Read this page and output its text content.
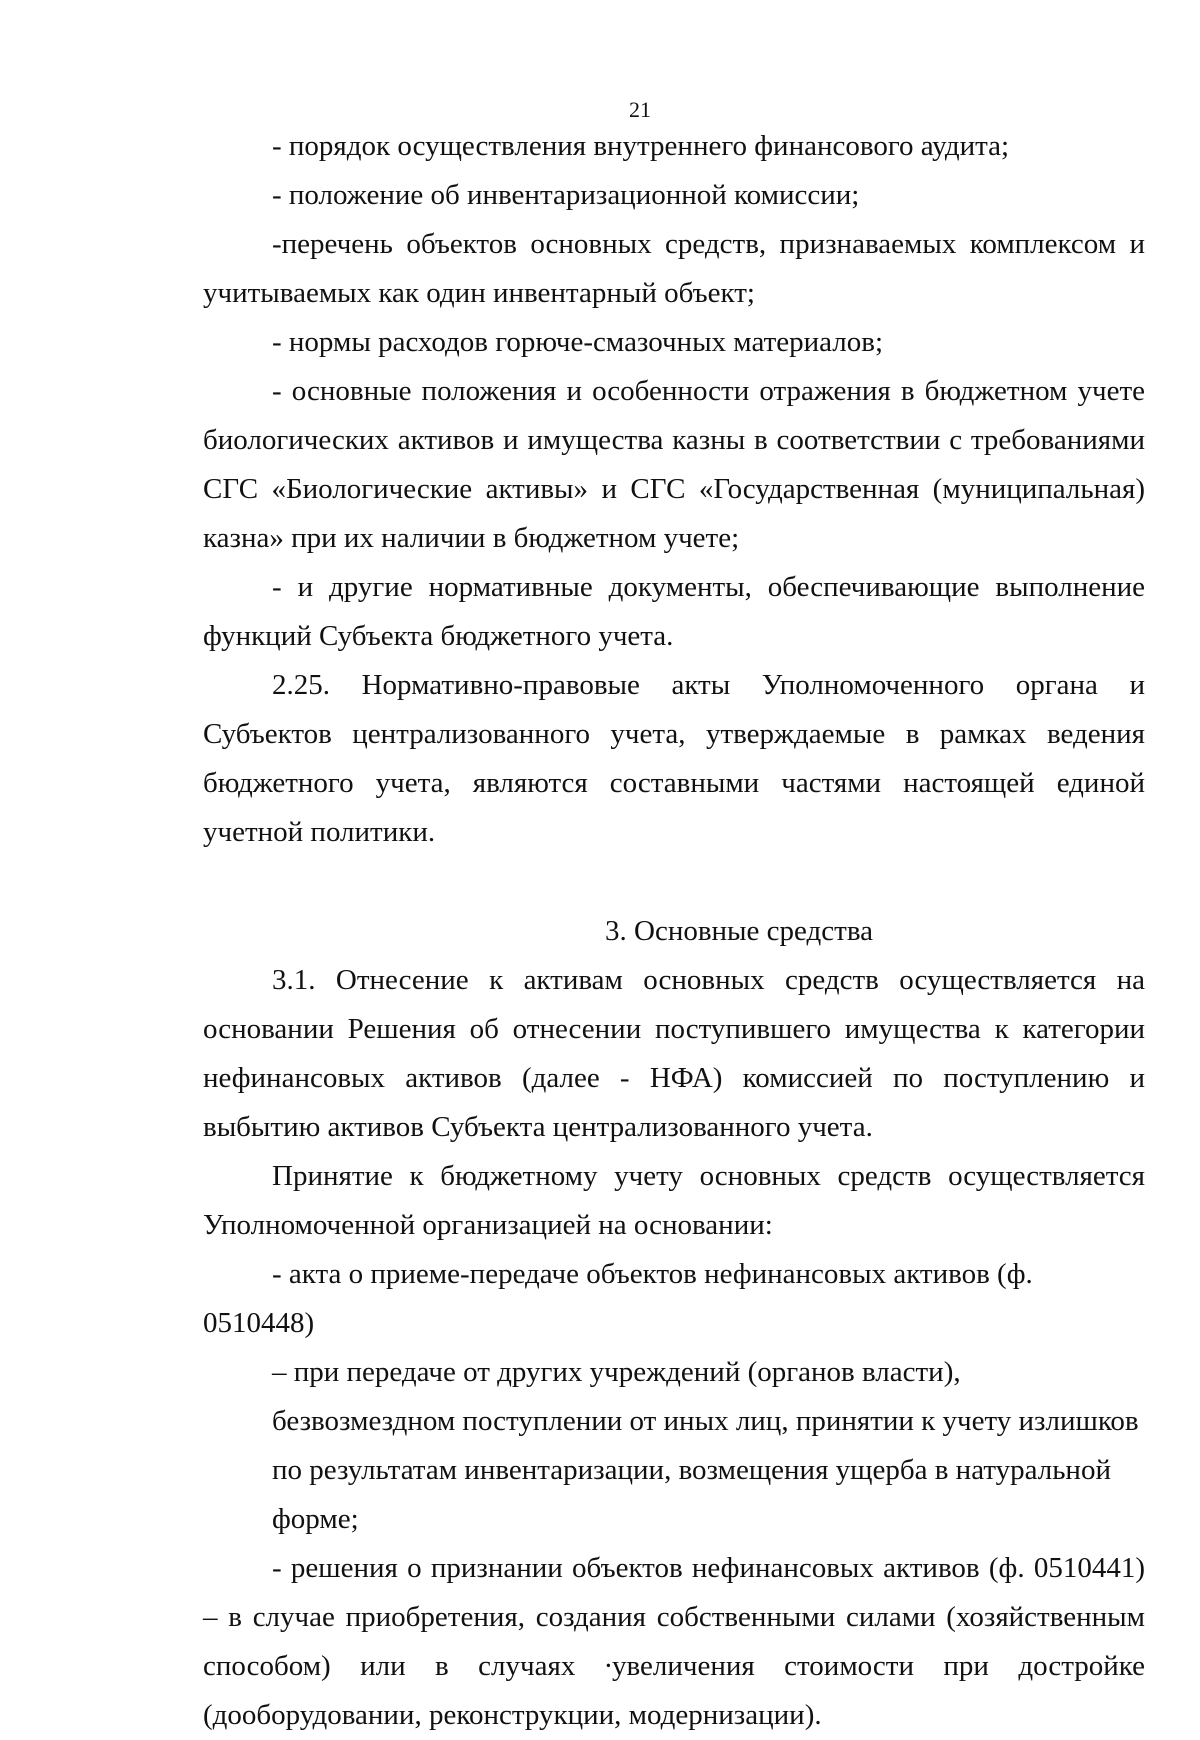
21

- порядок осуществления внутреннего финансового аудита;

- положение об инвентаризационной комиссии;

-перечень объектов основных средств, признаваемых комплексом и учитываемых как один инвентарный объект;

- нормы расходов горюче-смазочных материалов;

- основные положения и особенности отражения в бюджетном учете биологических активов и имущества казны в соответствии с требованиями СГС «Биологические активы» и СГС «Государственная (муниципальная) казна» при их наличии в бюджетном учете;

- и другие нормативные документы, обеспечивающие выполнение функций Субъекта бюджетного учета.

2.25. Нормативно-правовые акты Уполномоченного органа и Субъектов централизованного учета, утверждаемые в рамках ведения бюджетного учета, являются составными частями настоящей единой учетной политики.

3. Основные средства

3.1. Отнесение к активам основных средств осуществляется на основании Решения об отнесении поступившего имущества к категории нефинансовых активов (далее - НФА) комиссией по поступлению и выбытию активов Субъекта централизованного учета.

Принятие к бюджетному учету основных средств осуществляется Уполномоченной организацией на основании:

- акта о приеме-передаче объектов нефинансовых активов (ф. 0510448)

– при передаче от других учреждений (органов власти), безвозмездном поступлении от иных лиц, принятии к учету излишков по результатам инвентаризации, возмещения ущерба в натуральной форме;

- решения о признании объектов нефинансовых активов (ф. 0510441) – в случае приобретения, создания собственными силами (хозяйственным способом) или в случаях ∙увеличения стоимости при достройке (дооборудовании, реконструкции, модернизации).
